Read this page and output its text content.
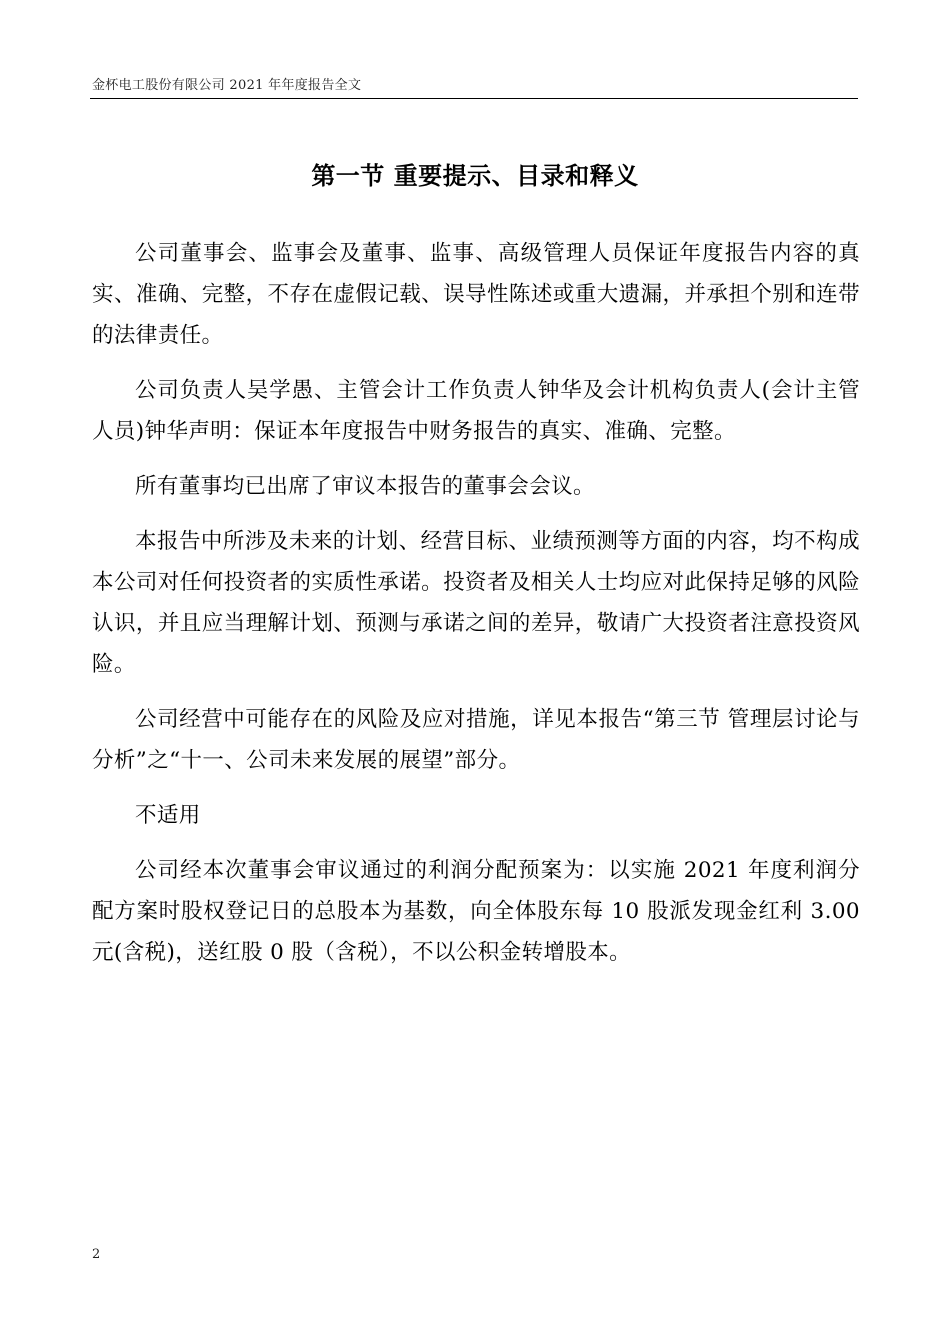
金杯电工股份有限公司 2021 年年度报告全文
第一节 重要提示、目录和释义

公司董事会、监事会及董事、监事、高级管理人员保证年度报告内容的真实、准确、完整，不存在虚假记载、误导性陈述或重大遗漏，并承担个别和连带的法律责任。

公司负责人吴学愚、主管会计工作负责人钟华及会计机构负责人(会计主管人员)钟华声明：保证本年度报告中财务报告的真实、准确、完整。

所有董事均已出席了审议本报告的董事会会议。

本报告中所涉及未来的计划、经营目标、业绩预测等方面的内容，均不构成本公司对任何投资者的实质性承诺。投资者及相关人士均应对此保持足够的风险认识，并且应当理解计划、预测与承诺之间的差异，敬请广大投资者注意投资风险。

公司经营中可能存在的风险及应对措施，详见本报告“第三节 管理层讨论与分析”之“十一、公司未来发展的展望”部分。

不适用

公司经本次董事会审议通过的利润分配预案为：以实施 2021 年度利润分配方案时股权登记日的总股本为基数，向全体股东每 10 股派发现金红利 3.00 元(含税)，送红股 0 股（含税），不以公积金转增股本。

2
